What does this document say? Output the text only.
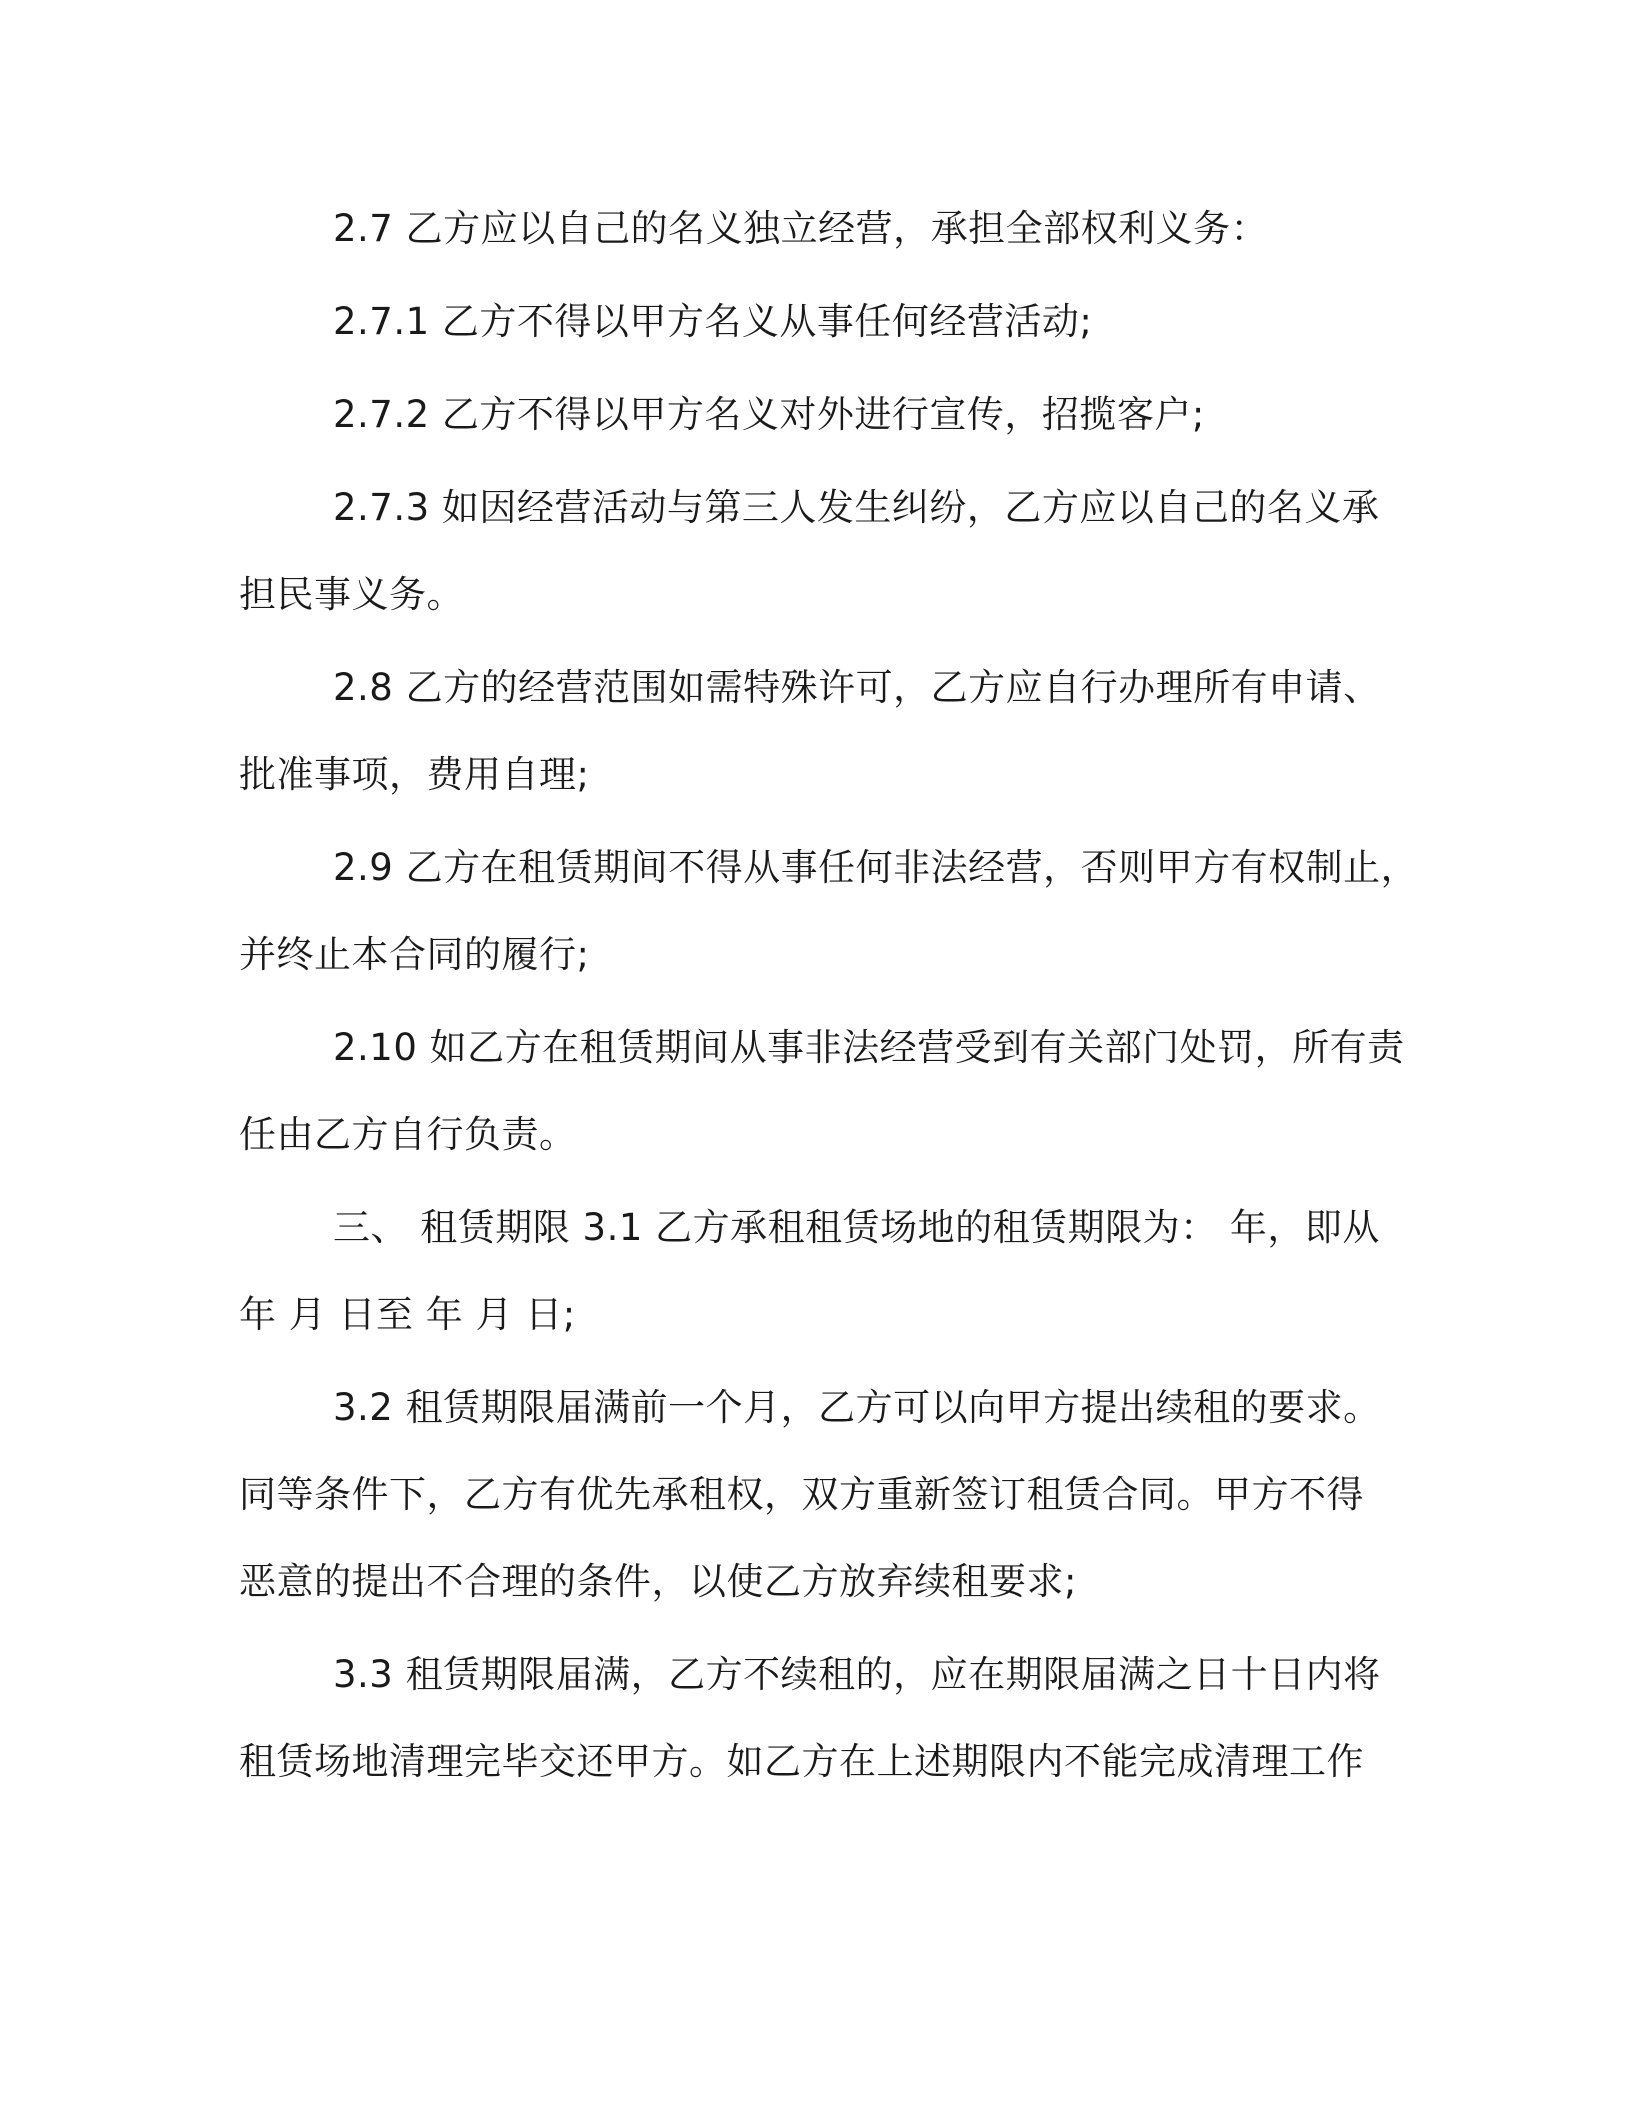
2.7 乙方应以自己的名义独立经营，承担全部权利义务：

2.7.1 乙方不得以甲方名义从事任何经营活动;

2.7.2 乙方不得以甲方名义对外进行宣传，招揽客户;

2.7.3 如因经营活动与第三人发生纠纷，乙方应以自己的名义承
担民事义务。

2.8 乙方的经营范围如需特殊许可，乙方应自行办理所有申请、
批准事项，费用自理;

2.9 乙方在租赁期间不得从事任何非法经营，否则甲方有权制止，
并终止本合同的履行;

2.10 如乙方在租赁期间从事非法经营受到有关部门处罚，所有责
任由乙方自行负责。

三、 租赁期限 3.1 乙方承租租赁场地的租赁期限为： 年，即从
年 月 日至 年 月 日;

3.2 租赁期限届满前一个月，乙方可以向甲方提出续租的要求。
同等条件下，乙方有优先承租权，双方重新签订租赁合同。甲方不得
恶意的提出不合理的条件，以使乙方放弃续租要求;

3.3 租赁期限届满，乙方不续租的，应在期限届满之日十日内将
租赁场地清理完毕交还甲方。如乙方在上述期限内不能完成清理工作
